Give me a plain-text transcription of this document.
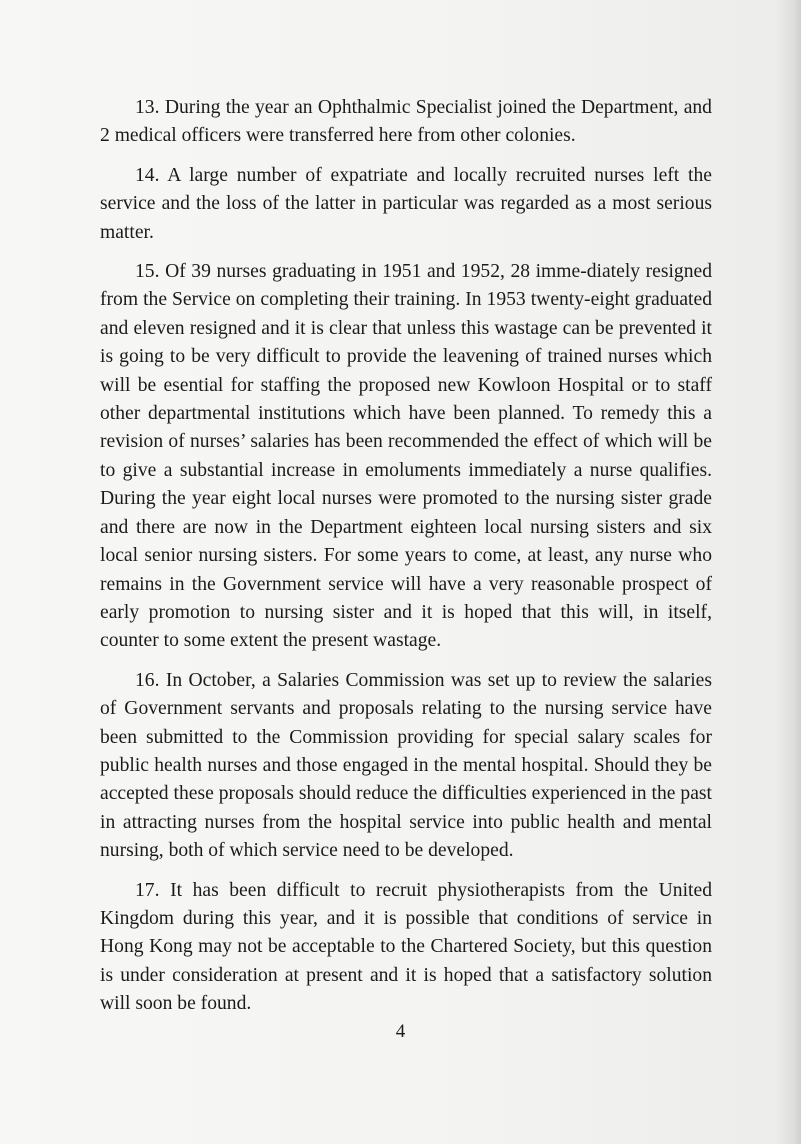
13. During the year an Ophthalmic Specialist joined the Department, and 2 medical officers were transferred here from other colonies.

14. A large number of expatriate and locally recruited nurses left the service and the loss of the latter in particular was regarded as a most serious matter.

15. Of 39 nurses graduating in 1951 and 1952, 28 imme-diately resigned from the Service on completing their training. In 1953 twenty-eight graduated and eleven resigned and it is clear that unless this wastage can be prevented it is going to be very difficult to provide the leavening of trained nurses which will be esential for staffing the proposed new Kowloon Hospital or to staff other departmental institutions which have been planned. To remedy this a revision of nurses’ salaries has been recommended the effect of which will be to give a substantial increase in emoluments immediately a nurse qualifies. During the year eight local nurses were promoted to the nursing sister grade and there are now in the Department eighteen local nursing sisters and six local senior nursing sisters. For some years to come, at least, any nurse who remains in the Government service will have a very reasonable prospect of early promotion to nursing sister and it is hoped that this will, in itself, counter to some extent the present wastage.

16. In October, a Salaries Commission was set up to review the salaries of Government servants and proposals relating to the nursing service have been submitted to the Commission providing for special salary scales for public health nurses and those engaged in the mental hospital. Should they be accepted these proposals should reduce the difficulties experienced in the past in attracting nurses from the hospital service into public health and mental nursing, both of which service need to be developed.

17. It has been difficult to recruit physiotherapists from the United Kingdom during this year, and it is possible that conditions of service in Hong Kong may not be acceptable to the Chartered Society, but this question is under consideration at present and it is hoped that a satisfactory solution will soon be found.

4
